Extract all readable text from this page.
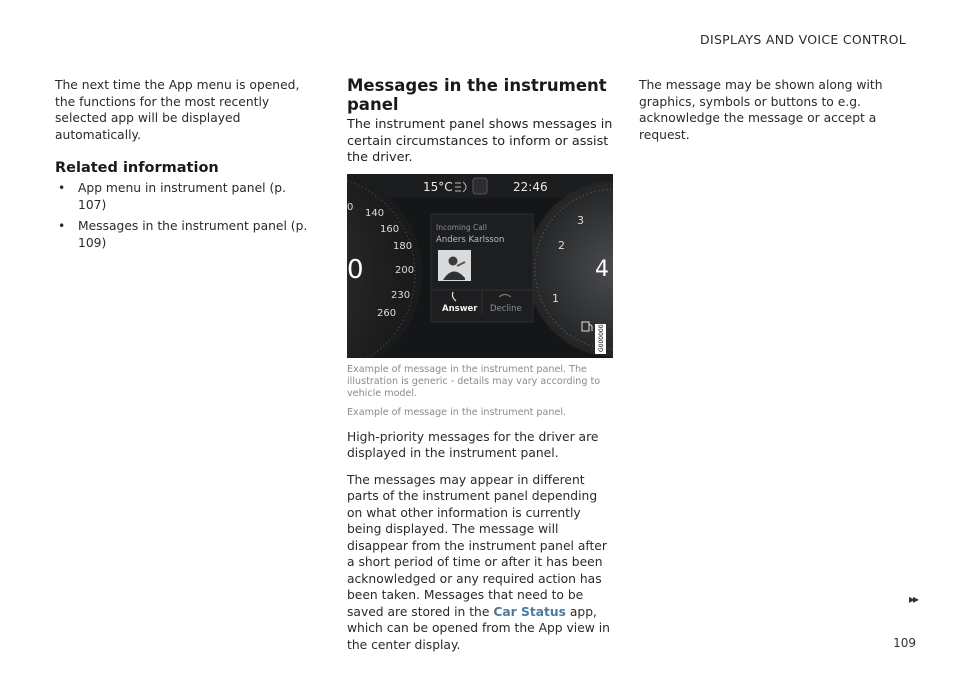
DISPLAYS AND VOICE CONTROL

The next time the App menu is opened, the functions for the most recently selected app will be displayed automatically.

Related information
• App menu in instrument panel (p. 107)
• Messages in the instrument panel (p. 109)
Messages in the instrument panel

The instrument panel shows messages in certain circumstances to inform or assist the driver.

15°C	22:46
0
140
160
180
200
230
260
0
1
2
3
4
G000000
Incoming Call
Anders Karlsson
Answer Decline

Example of message in the instrument panel. The illustration is generic - details may vary according to vehicle model.

Example of message in the instrument panel.

High-priority messages for the driver are displayed in the instrument panel.

The messages may appear in different parts of the instrument panel depending on what other information is currently being displayed. The message will disappear from the instrument panel after a short period of time or after it has been acknowledged or any required action has been taken. Messages that need to be saved are stored in the Car Status app, which can be opened from the App view in the center display.

The message may be shown along with graphics, symbols or buttons to e.g. acknowledge the message or accept a request.

▸▸
109
